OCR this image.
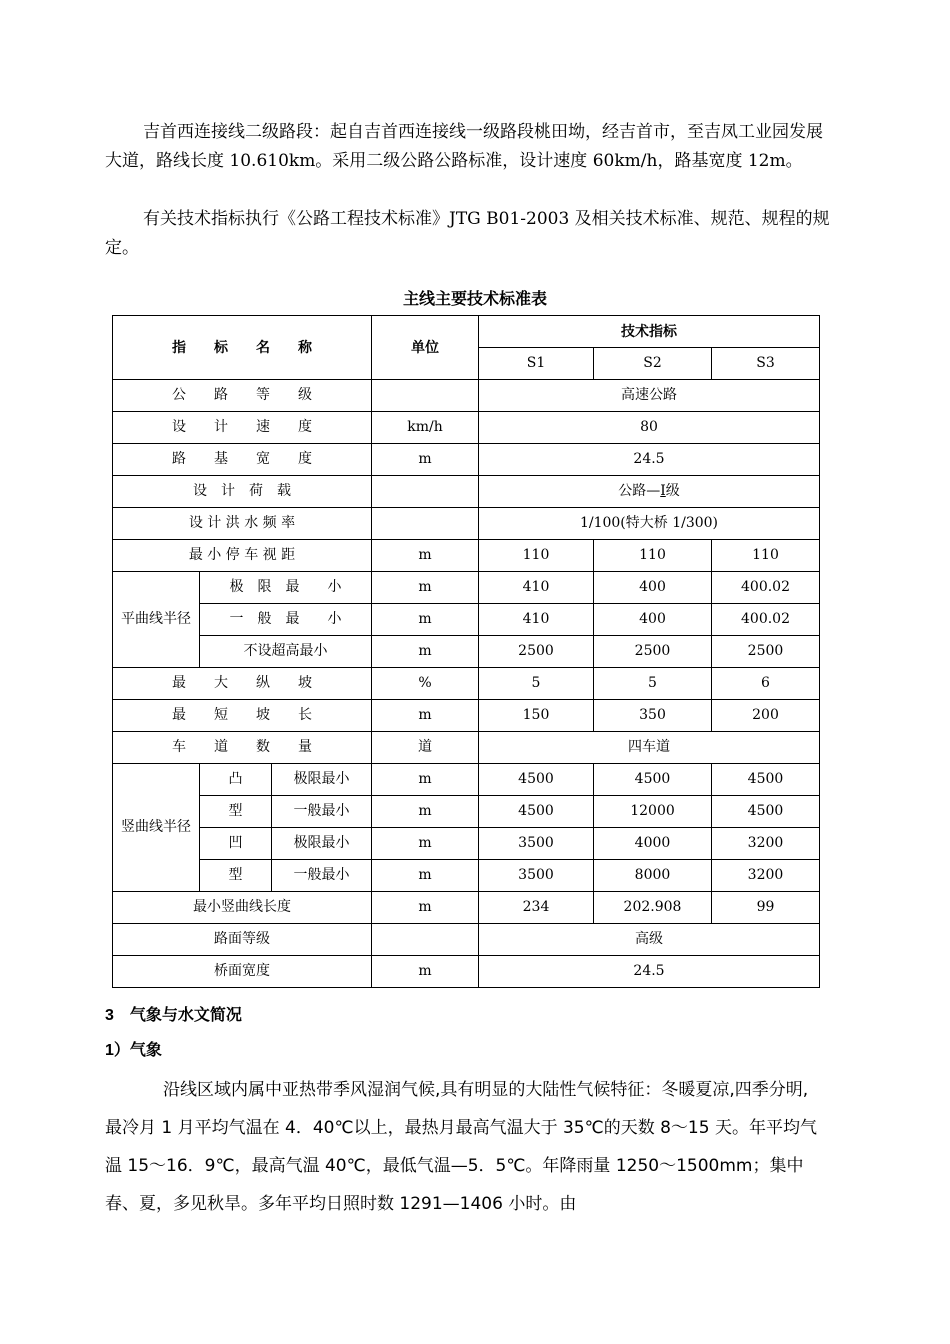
吉首西连接线二级路段：起自吉首西连接线一级路段桃田坳，经吉首市，至吉凤工业园发展大道，路线长度 10.610km。采用二级公路公路标准，设计速度 60km/h，路基宽度 12m。

有关技术指标执行《公路工程技术标准》JTG B01-2003 及相关技术标准、规范、规程的规定。

主线主要技术标准表
指　　标　　名　　称			单位	技术指标		
				S1	S2	S3
公　　路　　等　　级				高速公路		
设　　计　　速　　度			km/h	80		
路　　基　　宽　　度			m	24.5		
设　计　荷　载				公路—Ⅰ级		
设 计 洪 水 频 率				1/100(特大桥 1/300)		
最 小 停 车 视 距			m	110	110	110
平曲线半径	极　限　最　　小		m	410	400	400.02
	一　般　最　　小		m	410	400	400.02
	不设超高最小		m	2500	2500	2500
最　　大　　纵　　坡			%	5	5	6
最　　短　　坡　　长			m	150	350	200
车　　道　　数　　量			道	四车道		
竖曲线半径	凸	极限最小	m	4500	4500	4500
	型	一般最小	m	4500	12000	4500
	凹	极限最小	m	3500	4000	3200
	型	一般最小	m	3500	8000	3200
最小竖曲线长度			m	234	202.908	99
路面等级				高级		
桥面宽度			m	24.5		
3　气象与水文简况
1）气象

沿线区域内属中亚热带季风湿润气候,具有明显的大陆性气候特征：冬暖夏凉,四季分明,最冷月 1 月平均气温在 4．40℃以上，最热月最高气温大于 35℃的天数 8～15 天。年平均气温 15～16．9℃，最高气温 40℃，最低气温—5．5℃。年降雨量 1250～1500mm；集中春、夏，多见秋旱。多年平均日照时数 1291—1406 小时。由
